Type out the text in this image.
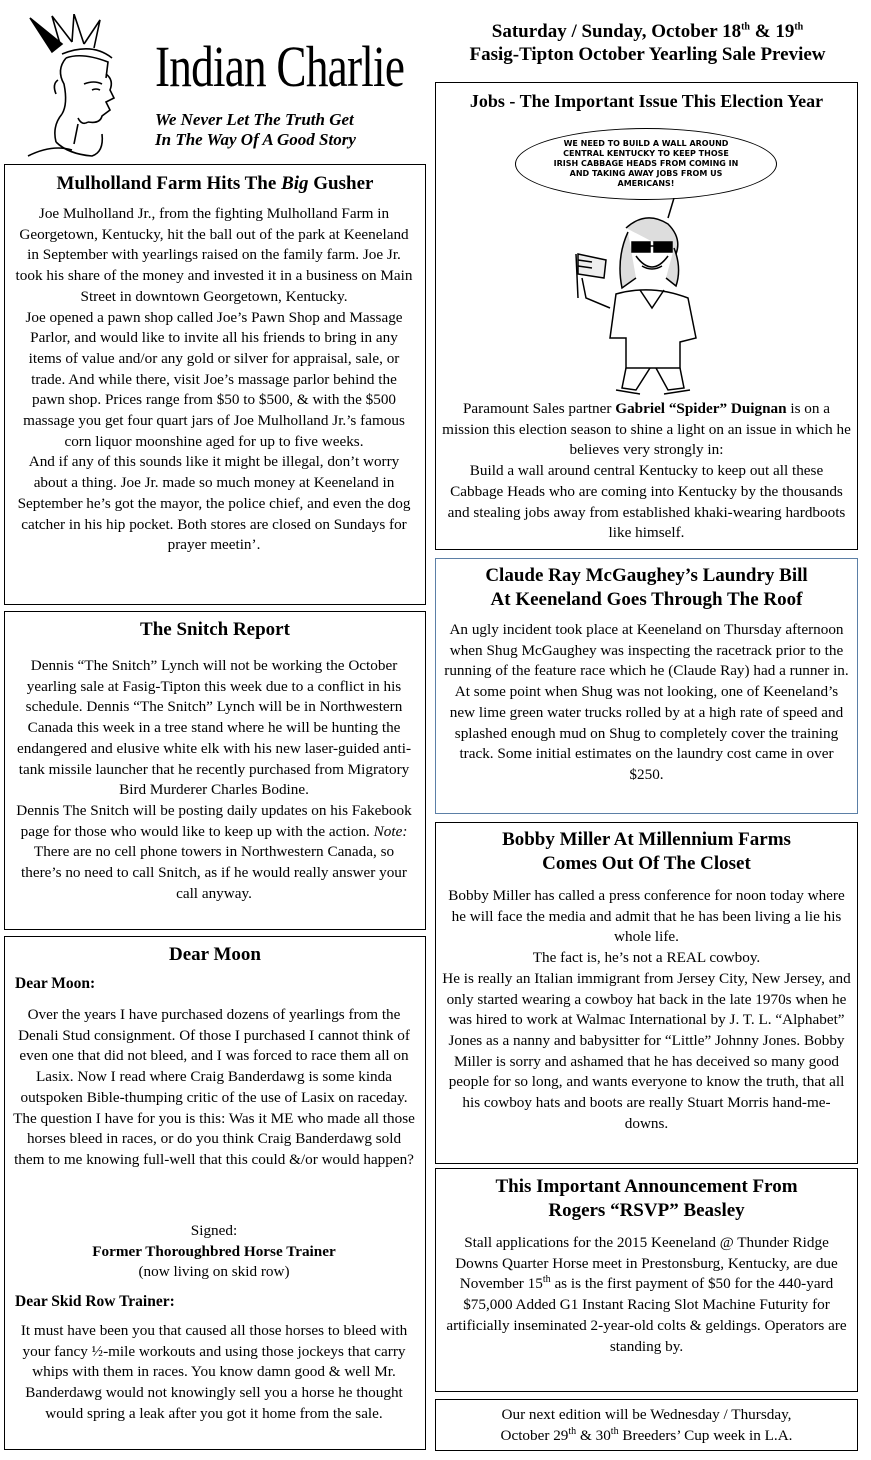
Indian Charlie
We Never Let The Truth Get
In The Way Of A Good Story
Saturday / Sunday, October 18th & 19th
Fasig-Tipton October Yearling Sale Preview
Mulholland Farm Hits The Big Gusher

Joe Mulholland Jr., from the fighting Mulholland Farm in Georgetown, Kentucky, hit the ball out of the park at Keeneland in September with yearlings raised on the family farm. Joe Jr. took his share of the money and invested it in a business on Main Street in downtown Georgetown, Kentucky.

Joe opened a pawn shop called Joe’s Pawn Shop and Massage Parlor, and would like to invite all his friends to bring in any items of value and/or any gold or silver for appraisal, sale, or trade. And while there, visit Joe’s massage parlor behind the pawn shop. Prices range from $50 to $500, & with the $500 massage you get four quart jars of Joe Mulholland Jr.’s famous corn liquor moonshine aged for up to five weeks.

And if any of this sounds like it might be illegal, don’t worry about a thing. Joe Jr. made so much money at Keeneland in September he’s got the mayor, the police chief, and even the dog catcher in his hip pocket. Both stores are closed on Sundays for prayer meetin’.

The Snitch Report

Dennis “The Snitch” Lynch will not be working the October yearling sale at Fasig-Tipton this week due to a conflict in his schedule. Dennis “The Snitch” Lynch will be in Northwestern Canada this week in a tree stand where he will be hunting the endangered and elusive white elk with his new laser-guided anti-tank missile launcher that he recently purchased from Migratory Bird Murderer Charles Bodine.

Dennis The Snitch will be posting daily updates on his Fakebook page for those who would like to keep up with the action. Note: There are no cell phone towers in Northwestern Canada, so there’s no need to call Snitch, as if he would really answer your call anyway.

Dear Moon
Dear Moon:
Over the years I have purchased dozens of yearlings from the Denali Stud consignment. Of those I purchased I cannot think of even one that did not bleed, and I was forced to race them all on Lasix. Now I read where Craig Banderdawg is some kinda outspoken Bible-thumping critic of the use of Lasix on raceday. The question I have for you is this: Was it ME who made all those horses bleed in races, or do you think Craig Banderdawg sold them to me knowing full-well that this could &/or would happen?
Signed:
Former Thoroughbred Horse Trainer
(now living on skid row)
Dear Skid Row Trainer:
It must have been you that caused all those horses to bleed with your fancy ½-mile workouts and using those jockeys that carry whips with them in races. You know damn good & well Mr. Banderdawg would not knowingly sell you a horse he thought would spring a leak after you got it home from the sale.
Jobs - The Important Issue This Election Year
WE NEED TO BUILD A WALL AROUND CENTRAL KENTUCKY TO KEEP THOSE IRISH CABBAGE HEADS FROM COMING IN AND TAKING AWAY JOBS FROM US AMERICANS!

Paramount Sales partner Gabriel “Spider” Duignan is on a mission this election season to shine a light on an issue in which he believes very strongly in:

Build a wall around central Kentucky to keep out all these Cabbage Heads who are coming into Kentucky by the thousands and stealing jobs away from established khaki-wearing hardboots like himself.

Claude Ray McGaughey’s Laundry Bill
At Keeneland Goes Through The Roof
An ugly incident took place at Keeneland on Thursday afternoon when Shug McGaughey was inspecting the racetrack prior to the running of the feature race which he (Claude Ray) had a runner in. At some point when Shug was not looking, one of Keeneland’s new lime green water trucks rolled by at a high rate of speed and splashed enough mud on Shug to completely cover the training track. Some initial estimates on the laundry cost came in over $250.
Bobby Miller At Millennium Farms
Comes Out Of The Closet

Bobby Miller has called a press conference for noon today where he will face the media and admit that he has been living a lie his whole life.

The fact is, he’s not a REAL cowboy.

He is really an Italian immigrant from Jersey City, New Jersey, and only started wearing a cowboy hat back in the late 1970s when he was hired to work at Walmac International by J. T. L. “Alphabet” Jones as a nanny and babysitter for “Little” Johnny Jones. Bobby Miller is sorry and ashamed that he has deceived so many good people for so long, and wants everyone to know the truth, that all his cowboy hats and boots are really Stuart Morris hand-me-downs.

This Important Announcement From
Rogers “RSVP” Beasley
Stall applications for the 2015 Keeneland @ Thunder Ridge Downs Quarter Horse meet in Prestonsburg, Kentucky, are due November 15th as is the first payment of $50 for the 440-yard $75,000 Added G1 Instant Racing Slot Machine Futurity for artificially inseminated 2-year-old colts & geldings. Operators are standing by.
Our next edition will be Wednesday / Thursday,
October 29th & 30th Breeders’ Cup week in L.A.
